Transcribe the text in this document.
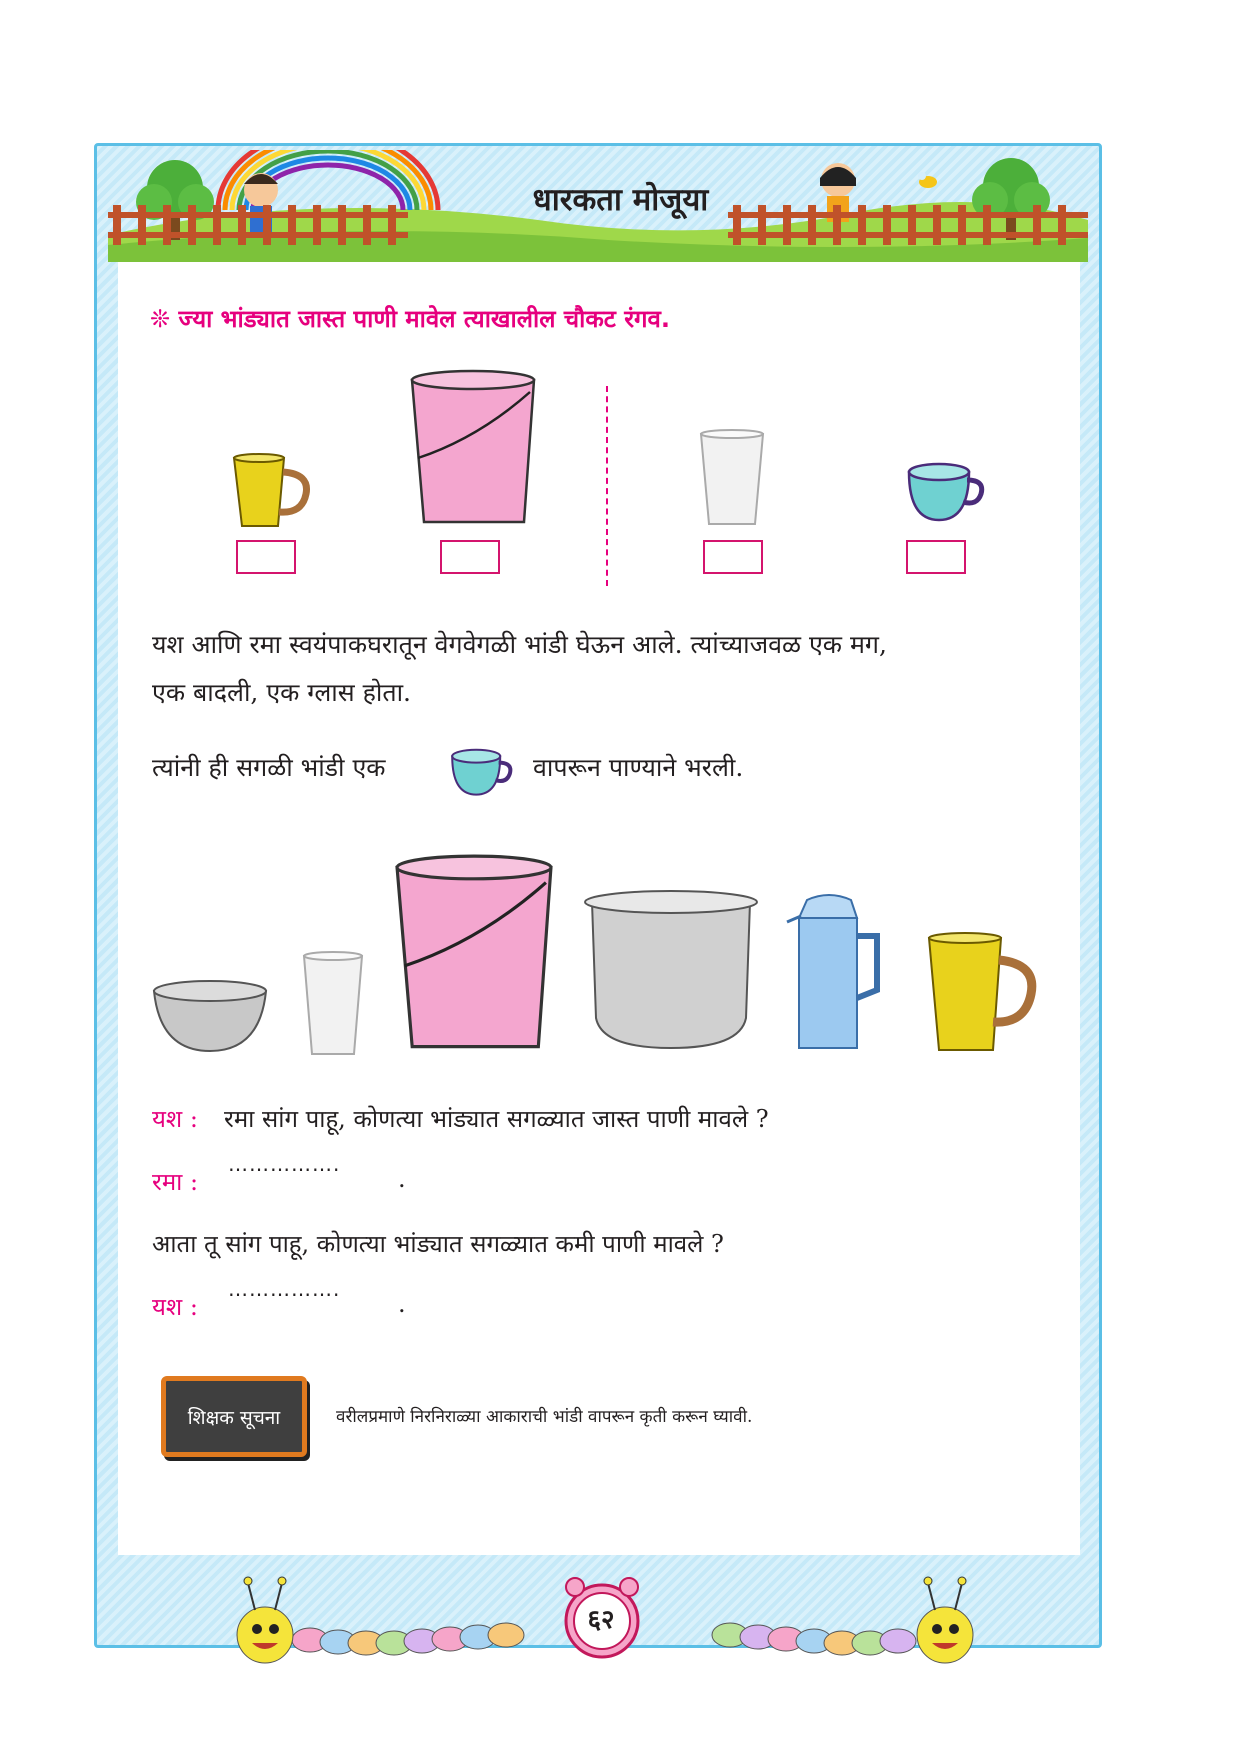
धारकता मोजूया
❊ ज्या भांड्यात जास्त पाणी मावेल त्याखालील चौकट रंगव.
यश आणि रमा स्वयंपाकघरातून वेगवेगळी भांडी घेऊन आले. त्यांच्याजवळ एक मग,
एक बादली, एक ग्लास होता.
त्यांनी ही सगळी भांडी एक	वापरून पाण्याने भरली.
यश : रमा सांग पाहू, कोणत्या भांड्यात सगळ्यात जास्त पाणी मावले ?
रमा :
…………….
.
आता तू सांग पाहू, कोणत्या भांड्यात सगळ्यात कमी पाणी मावले ?
यश :
…………….
.
शिक्षक सूचना	वरीलप्रमाणे निरनिराळ्या आकाराची भांडी वापरून कृती करून घ्यावी.
६२
